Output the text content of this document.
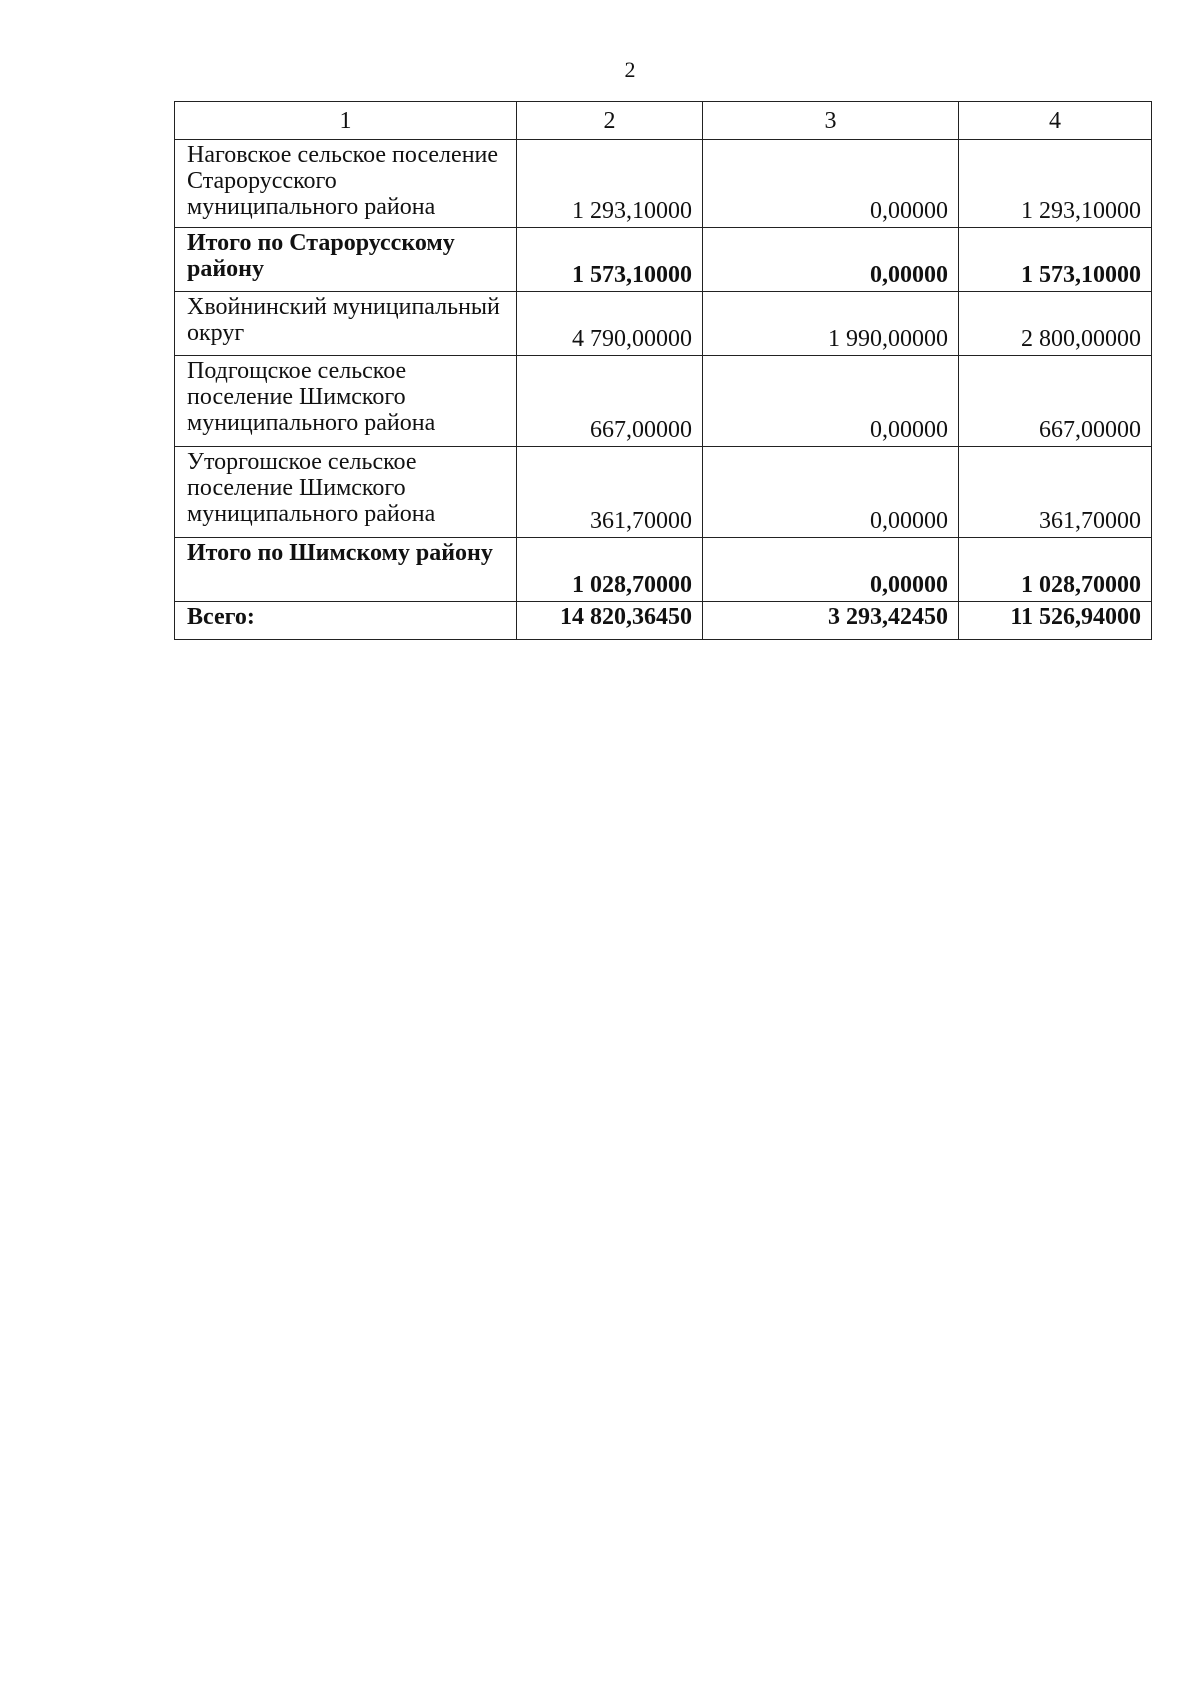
2
1	2	3	4
Наговское сельское поселение Старорусского муниципального района	1 293,10000	0,00000	1 293,10000
Итого по Старорусскому району	1 573,10000	0,00000	1 573,10000
Хвойнинский муниципальный округ	4 790,00000	1 990,00000	2 800,00000
Подгощское сельское поселение Шимского муниципального района	667,00000	0,00000	667,00000
Уторгошское сельское поселение Шимского муниципального района	361,70000	0,00000	361,70000
Итого по Шимскому району	1 028,70000	0,00000	1 028,70000
Всего:	14 820,36450	3 293,42450	11 526,94000
